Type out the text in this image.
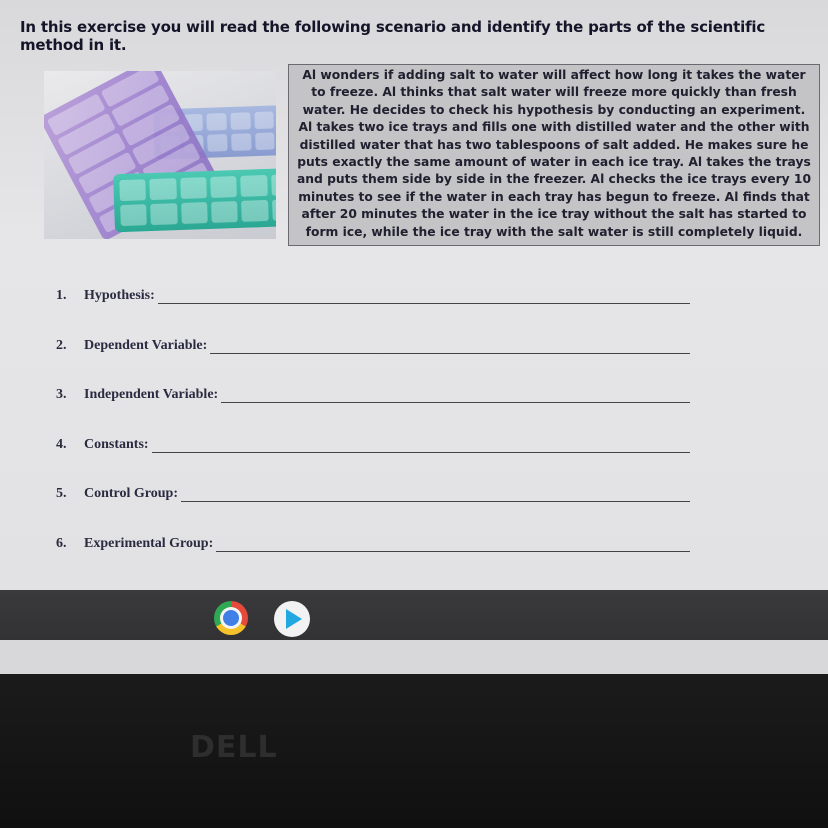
In this exercise you will read the following scenario and identify the parts of the scientific method in it.

Al wonders if adding salt to water will affect how long it takes the water to freeze. Al thinks that salt water will freeze more quickly than fresh water. He decides to check his hypothesis by conducting an experiment. Al takes two ice trays and fills one with distilled water and the other with distilled water that has two tablespoons of salt added. He makes sure he puts exactly the same amount of water in each ice tray. Al takes the trays and puts them side by side in the freezer. Al checks the ice trays every 10 minutes to see if the water in each tray has begun to freeze. Al finds that after 20 minutes the water in the ice tray without the salt has started to form ice, while the ice tray with the salt water is still completely liquid.

1.	Hypothesis:
2.	Dependent Variable:
3.	Independent Variable:
4.	Constants:
5.	Control Group:
6.	Experimental Group:
DELL
